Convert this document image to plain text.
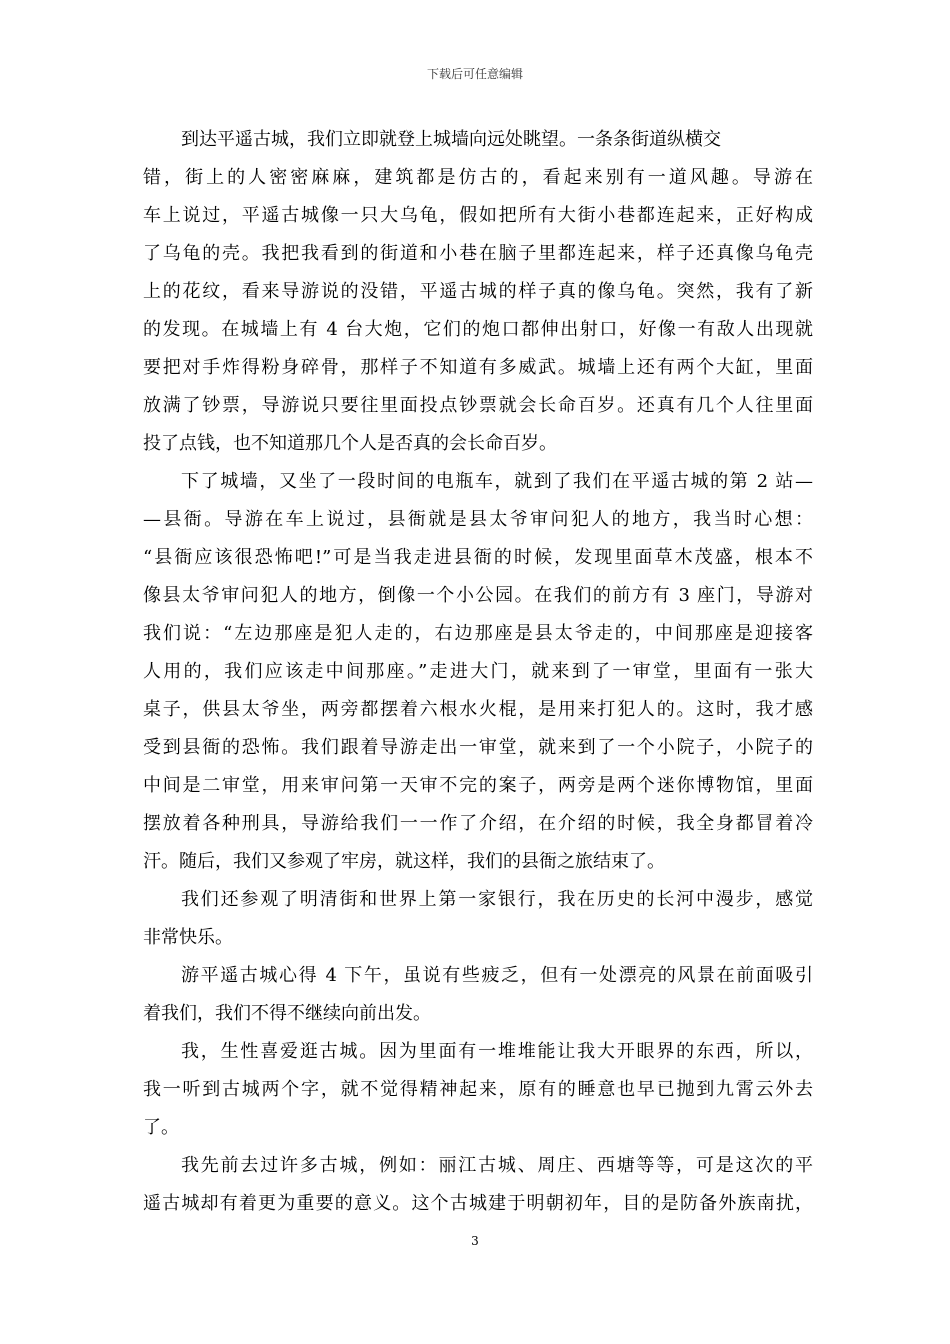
下载后可任意编辑
到达平遥古城，我们立即就登上城墙向远处眺望。一条条街道纵横交
错，街上的人密密麻麻，建筑都是仿古的，看起来别有一道风趣。导游在
车上说过，平遥古城像一只大乌龟，假如把所有大街小巷都连起来，正好构成
了乌龟的壳。我把我看到的街道和小巷在脑子里都连起来，样子还真像乌龟壳
上的花纹，看来导游说的没错，平遥古城的样子真的像乌龟。突然，我有了新
的发现。在城墙上有 4 台大炮，它们的炮口都伸出射口，好像一有敌人出现就
要把对手炸得粉身碎骨，那样子不知道有多威武。城墙上还有两个大缸，里面
放满了钞票，导游说只要往里面投点钞票就会长命百岁。还真有几个人往里面
投了点钱，也不知道那几个人是否真的会长命百岁。
下了城墙，又坐了一段时间的电瓶车，就到了我们在平遥古城的第 2 站—
—县衙。导游在车上说过，县衙就是县太爷审问犯人的地方，我当时心想：
“县衙应该很恐怖吧!”可是当我走进县衙的时候，发现里面草木茂盛，根本不
像县太爷审问犯人的地方，倒像一个小公园。在我们的前方有 3 座门，导游对
我们说：“左边那座是犯人走的，右边那座是县太爷走的，中间那座是迎接客
人用的，我们应该走中间那座。”走进大门，就来到了一审堂，里面有一张大
桌子，供县太爷坐，两旁都摆着六根水火棍，是用来打犯人的。这时，我才感
受到县衙的恐怖。我们跟着导游走出一审堂，就来到了一个小院子，小院子的
中间是二审堂，用来审问第一天审不完的案子，两旁是两个迷你博物馆，里面
摆放着各种刑具，导游给我们一一作了介绍，在介绍的时候，我全身都冒着冷
汗。随后，我们又参观了牢房，就这样，我们的县衙之旅结束了。
我们还参观了明清街和世界上第一家银行，我在历史的长河中漫步，感觉
非常快乐。
游平遥古城心得 4 下午，虽说有些疲乏，但有一处漂亮的风景在前面吸引
着我们，我们不得不继续向前出发。
我，生性喜爱逛古城。因为里面有一堆堆能让我大开眼界的东西，所以，
我一听到古城两个字，就不觉得精神起来，原有的睡意也早已抛到九霄云外去
了。
我先前去过许多古城，例如：丽江古城、周庄、西塘等等，可是这次的平
遥古城却有着更为重要的意义。这个古城建于明朝初年，目的是防备外族南扰，
3
